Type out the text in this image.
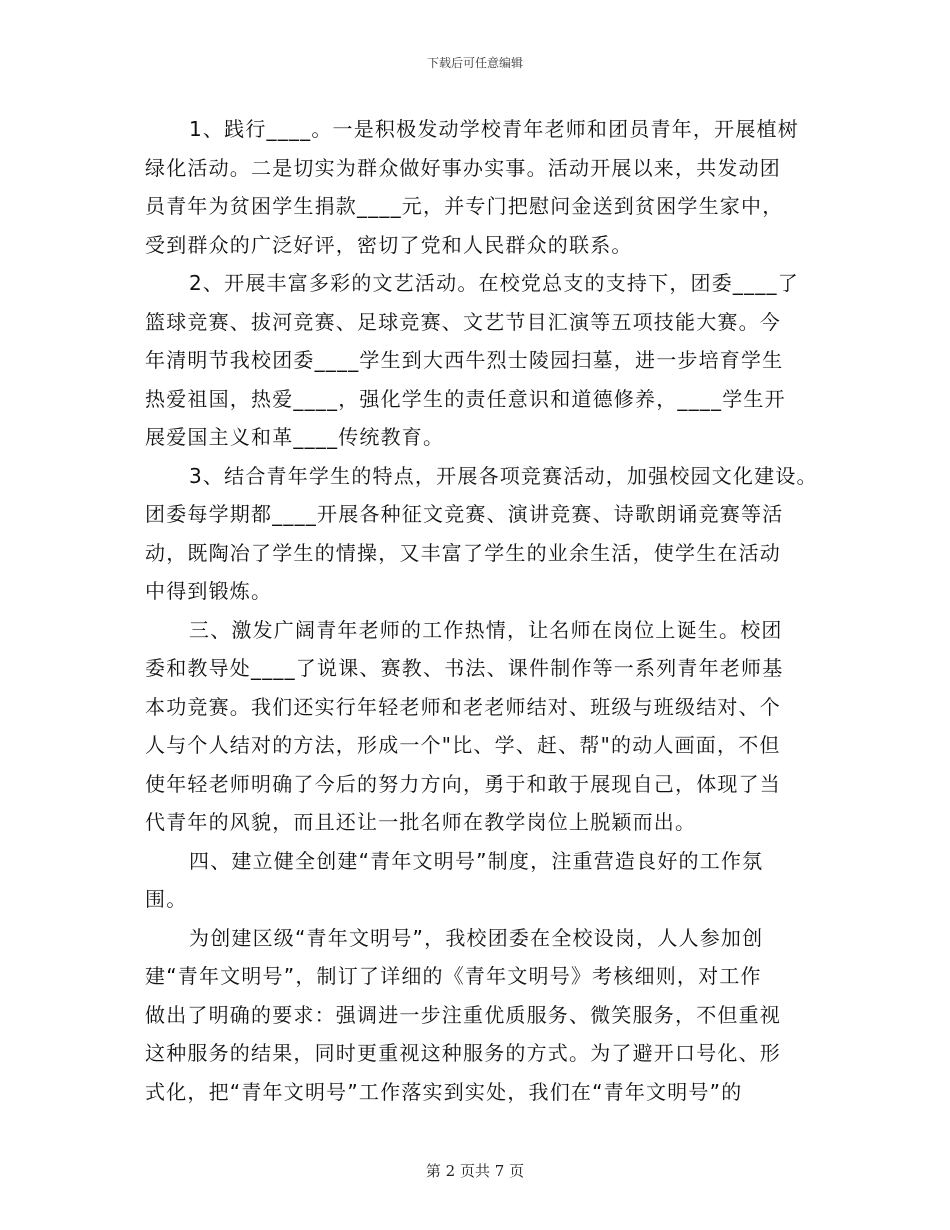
下载后可任意编辑
1、践行____。一是积极发动学校青年老师和团员青年，开展植树
绿化活动。二是切实为群众做好事办实事。活动开展以来，共发动团
员青年为贫困学生捐款____元，并专门把慰问金送到贫困学生家中，
受到群众的广泛好评，密切了党和人民群众的联系。
2、开展丰富多彩的文艺活动。在校党总支的支持下，团委____了
篮球竞赛、拔河竞赛、足球竞赛、文艺节目汇演等五项技能大赛。今
年清明节我校团委____学生到大西牛烈士陵园扫墓，进一步培育学生
热爱祖国，热爱____，强化学生的责任意识和道德修养，____学生开
展爱国主义和革____传统教育。
3、结合青年学生的特点，开展各项竞赛活动，加强校园文化建设。
团委每学期都____开展各种征文竞赛、演讲竞赛、诗歌朗诵竞赛等活
动，既陶冶了学生的情操，又丰富了学生的业余生活，使学生在活动
中得到锻炼。
三、激发广阔青年老师的工作热情，让名师在岗位上诞生。校团
委和教导处____了说课、赛教、书法、课件制作等一系列青年老师基
本功竞赛。我们还实行年轻老师和老老师结对、班级与班级结对、个
人与个人结对的方法，形成一个"比、学、赶、帮"的动人画面，不但
使年轻老师明确了今后的努力方向，勇于和敢于展现自己，体现了当
代青年的风貌，而且还让一批名师在教学岗位上脱颖而出。
四、建立健全创建“青年文明号”制度，注重营造良好的工作氛
围。
为创建区级“青年文明号”，我校团委在全校设岗，人人参加创
建“青年文明号”，制订了详细的《青年文明号》考核细则，对工作
做出了明确的要求：强调进一步注重优质服务、微笑服务，不但重视
这种服务的结果，同时更重视这种服务的方式。为了避开口号化、形
式化，把“青年文明号”工作落实到实处，我们在“青年文明号”的
第 2 页共 7 页
